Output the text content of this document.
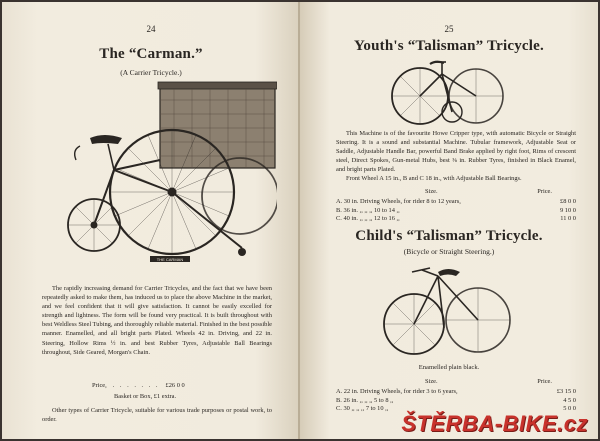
24
The “Carman.”
(A Carrier Tricycle.)
THE CARMAN

The rapidly increasing demand for Carrier Tricycles, and the fact that we have been repeatedly asked to make them, has induced us to place the above Machine in the market, and we feel confident that it will give satisfaction. It cannot be easily excelled for strength and lightness. The form will be found very practical. It is built throughout with best Weldless Steel Tubing, and thoroughly reliable material. Finished in the best possible manner. Enamelled, and all bright parts Plated. Wheels 42 in. Driving, and 22 in. Steering, Hollow Rims ½ in. and best Rubber Tyres, Adjustable Ball Bearings throughout, Side Geared, Morgan's Chain.

Price, . . . . . . . £26 0 0
Basket or Box, £1 extra.

Other types of Carrier Tricycle, suitable for various trade purposes or postal work, to order.

25
Youth's “Talisman” Tricycle.

This Machine is of the favourite Howe Cripper type, with automatic Bicycle or Straight Steering. It is a sound and substantial Machine. Tubular framework, Adjustable Seat or Saddle, Adjustable Handle Bar, powerful Band Brake applied by right foot, Rims of crescent steel, Direct Spokes, Gun-metal Hubs, best ⅜ in. Rubber Tyres, finished in Black Enamel, and bright parts Plated.

Front Wheel A 15 in., B and C 18 in., with Adjustable Ball Bearings.

Size.	Price.
A. 30 in. Driving Wheels, for rider 8 to 12 years,	£8 0 0
B. 36 in. ,, ,, ,, 10 to 14 ,,	9 10 0
C. 40 in. ,, ,, ,, 12 to 16 ,,	11 0 0
Child's “Talisman” Tricycle.
(Bicycle or Straight Steering.)
Enamelled plain black.
Size.	Price.
A. 22 in. Driving Wheels, for rider 3 to 6 years,	£3 15 0
B. 26 in. ,, ,, ,, 5 to 8 ,,	4 5 0
C. 30 ,, ,, ,, 7 to 10 ,,	5 0 0
ŠTĚRBA-BIKE.cz
